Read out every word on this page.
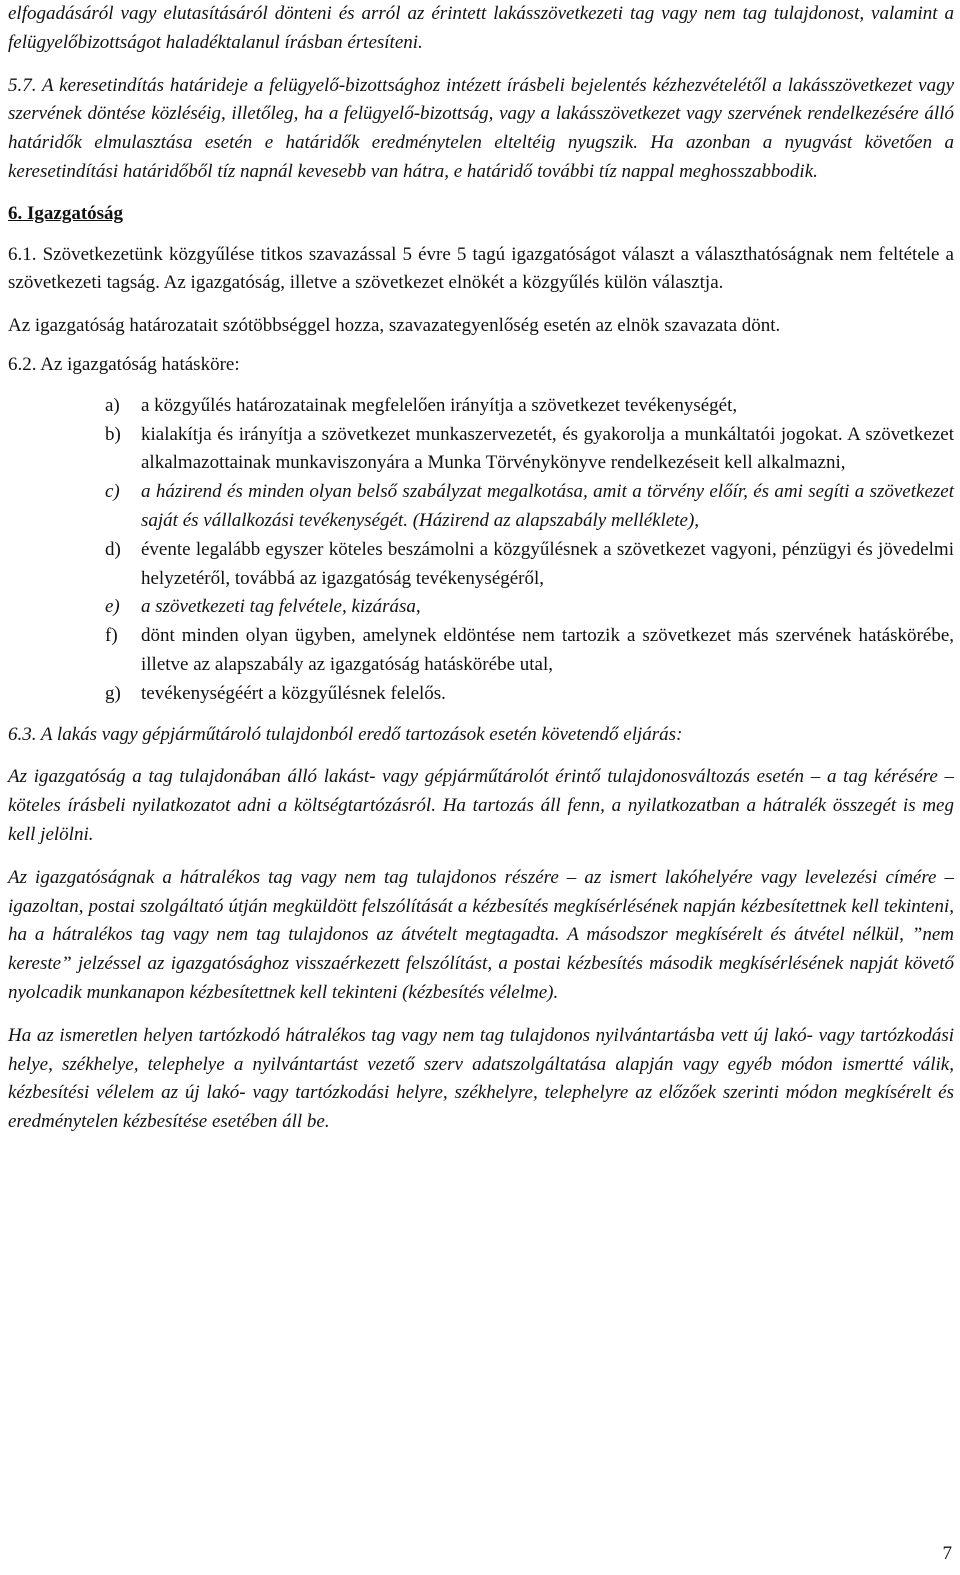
elfogadásáról vagy elutasításáról dönteni és arról az érintett lakásszövetkezeti tag vagy nem tag tulajdonost, valamint a felügyelőbizottságot haladéktalanul írásban értesíteni.

5.7. A keresetindítás határideje a felügyelő-bizottsághoz intézett írásbeli bejelentés kézhezvételétől a lakásszövetkezet vagy szervének döntése közléséig, illetőleg, ha a felügyelő-bizottság, vagy a lakásszövetkezet vagy szervének rendelkezésére álló határidők elmulasztása esetén e határidők eredménytelen elteltéig nyugszik. Ha azonban a nyugvást követően a keresetindítási határidőből tíz napnál kevesebb van hátra, e határidő további tíz nappal meghosszabbodik.

6. Igazgatóság

6.1. Szövetkezetünk közgyűlése titkos szavazással 5 évre 5 tagú igazgatóságot választ a választhatóságnak nem feltétele a szövetkezeti tagság. Az igazgatóság, illetve a szövetkezet elnökét a közgyűlés külön választja.

Az igazgatóság határozatait szótöbbséggel hozza, szavazategyenlőség esetén az elnök szavazata dönt.

6.2. Az igazgatóság hatásköre:

a) a közgyűlés határozatainak megfelelően irányítja a szövetkezet tevékenységét,
b) kialakítja és irányítja a szövetkezet munkaszervezetét, és gyakorolja a munkáltatói jogokat. A szövetkezet alkalmazottainak munkaviszonyára a Munka Törvénykönyve rendelkezéseit kell alkalmazni,
c) a házirend és minden olyan belső szabályzat megalkotása, amit a törvény előír, és ami segíti a szövetkezet saját és vállalkozási tevékenységét. (Házirend az alapszabály melléklete),
d) évente legalább egyszer köteles beszámolni a közgyűlésnek a szövetkezet vagyoni, pénzügyi és jövedelmi helyzetéről, továbbá az igazgatóság tevékenységéről,
e) a szövetkezeti tag felvétele, kizárása,
f) dönt minden olyan ügyben, amelynek eldöntése nem tartozik a szövetkezet más szervének hatáskörébe, illetve az alapszabály az igazgatóság hatáskörébe utal,
g) tevékenységéért a közgyűlésnek felelős.

6.3. A lakás vagy gépjárműtároló tulajdonból eredő tartozások esetén követendő eljárás:

Az igazgatóság a tag tulajdonában álló lakást- vagy gépjárműtárolót érintő tulajdonosváltozás esetén – a tag kérésére – köteles írásbeli nyilatkozatot adni a költségtartózásról. Ha tartozás áll fenn, a nyilatkozatban a hátralék összegét is meg kell jelölni.

Az igazgatóságnak a hátralékos tag vagy nem tag tulajdonos részére – az ismert lakóhelyére vagy levelezési címére – igazoltan, postai szolgáltató útján megküldött felszólítását a kézbesítés megkísérlésének napján kézbesítettnek kell tekinteni, ha a hátralékos tag vagy nem tag tulajdonos az átvételt megtagadta. A másodszor megkísérelt és átvétel nélkül, ”nem kereste” jelzéssel az igazgatósághoz visszaérkezett felszólítást, a postai kézbesítés második megkísérlésének napját követő nyolcadik munkanapon kézbesítettnek kell tekinteni (kézbesítés vélelme).

Ha az ismeretlen helyen tartózkodó hátralékos tag vagy nem tag tulajdonos nyilvántartásba vett új lakó- vagy tartózkodási helye, székhelye, telephelye a nyilvántartást vezető szerv adatszolgáltatása alapján vagy egyéb módon ismertté válik, kézbesítési vélelem az új lakó- vagy tartózkodási helyre, székhelyre, telephelyre az előzőek szerinti módon megkísérelt és eredménytelen kézbesítése esetében áll be.

7
